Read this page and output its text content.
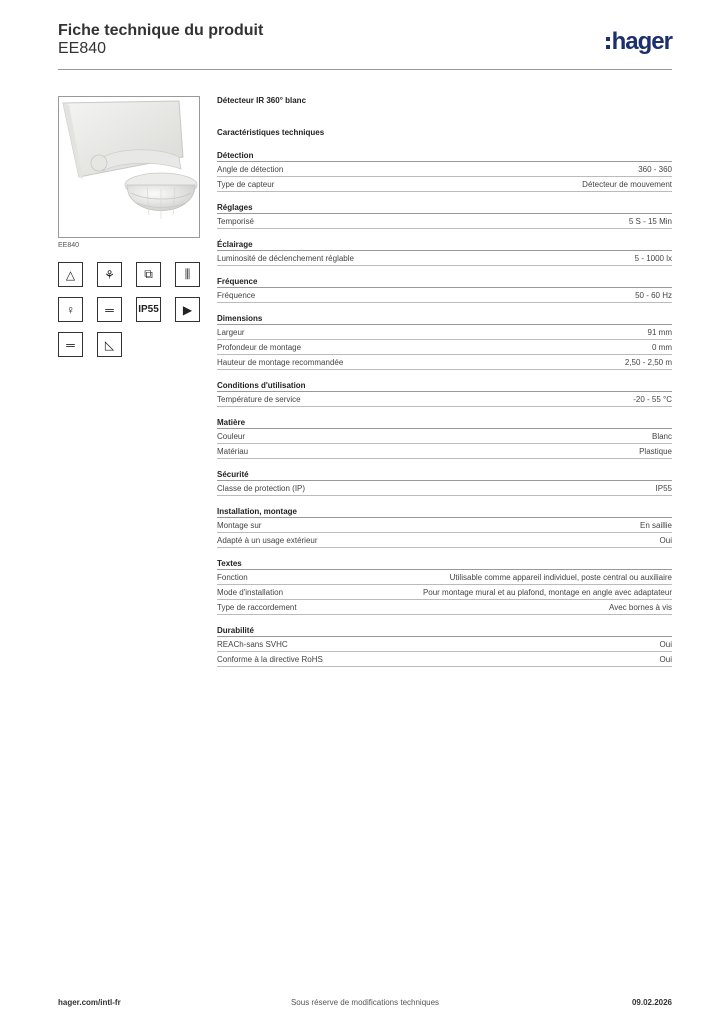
Fiche technique du produit
EE840	hager
EE840
△	⚘	⧉	⫼
♀	═	IP55	▶
═	◺
Détecteur IR 360° blanc
Caractéristiques techniques
Détection
Angle de détection	360 - 360
Type de capteur	Détecteur de mouvement
Réglages
Temporisé	5 S - 15 Min
Éclairage
Luminosité de déclenchement réglable	5 - 1000 lx
Fréquence
Fréquence	50 - 60 Hz
Dimensions
Largeur	91 mm
Profondeur de montage	0 mm
Hauteur de montage recommandée	2,50 - 2,50 m
Conditions d'utilisation
Température de service	-20 - 55 °C
Matière
Couleur	Blanc
Matériau	Plastique
Sécurité
Classe de protection (IP)	IP55
Installation, montage
Montage sur	En saillie
Adapté à un usage extérieur	Oui
Textes
Fonction	Utilisable comme appareil individuel, poste central ou auxiliaire
Mode d'installation	Pour montage mural et au plafond, montage en angle avec adaptateur
Type de raccordement	Avec bornes à vis
Durabilité
REACh-sans SVHC	Oui
Conforme à la directive RoHS	Oui
Sous réserve de modifications techniques
hager.com/intl-fr	09.02.2026
